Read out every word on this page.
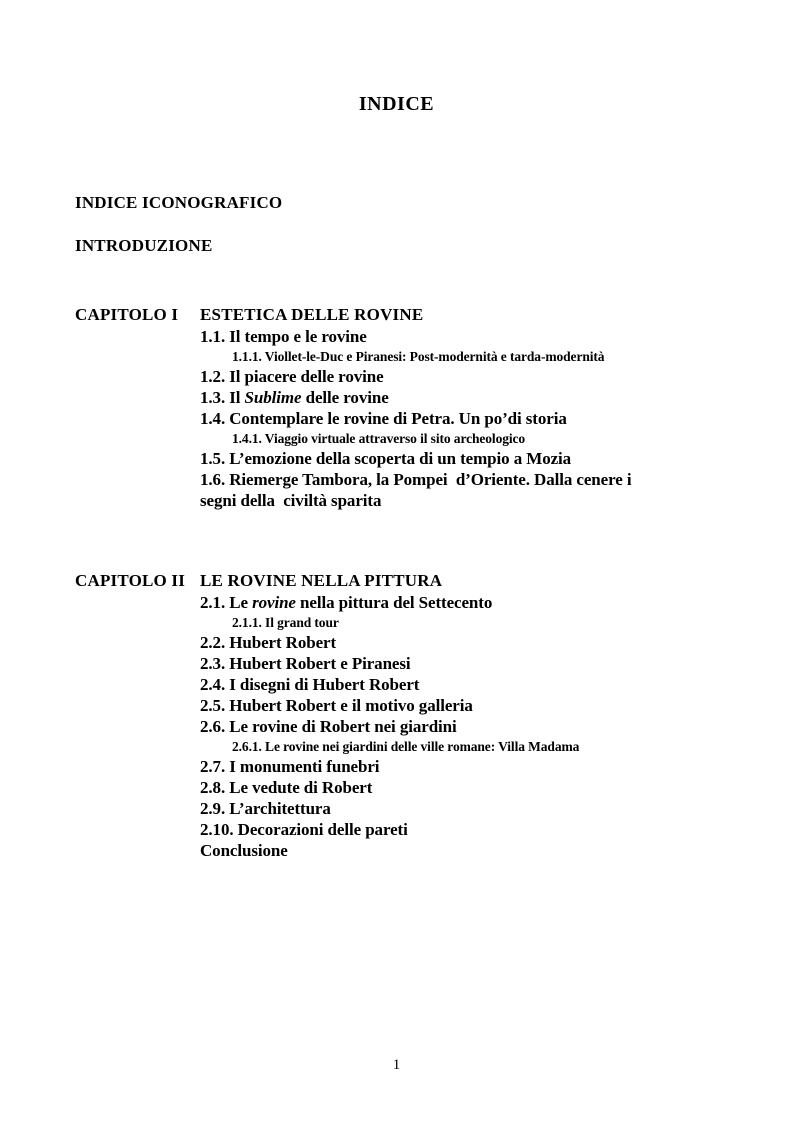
INDICE
INDICE ICONOGRAFICO
INTRODUZIONE
CAPITOLO I	ESTETICA DELLE ROVINE
1.1. Il tempo e le rovine
1.1.1. Viollet-le-Duc e Piranesi: Post-modernità e tarda-modernità
1.2. Il piacere delle rovine
1.3. Il Sublime delle rovine
1.4. Contemplare le rovine di Petra. Un po’di storia
1.4.1. Viaggio virtuale attraverso il sito archeologico
1.5. L’emozione della scoperta di un tempio a Mozia
1.6. Riemerge Tambora, la Pompei  d’Oriente. Dalla cenere i
segni della  civiltà sparita
CAPITOLO II LE ROVINE NELLA PITTURA
2.1. Le rovine nella pittura del Settecento
2.1.1. Il grand tour
2.2. Hubert Robert
2.3. Hubert Robert e Piranesi
2.4. I disegni di Hubert Robert
2.5. Hubert Robert e il motivo galleria
2.6. Le rovine di Robert nei giardini
2.6.1. Le rovine nei giardini delle ville romane: Villa Madama
2.7. I monumenti funebri
2.8. Le vedute di Robert
2.9. L’architettura
2.10. Decorazioni delle pareti
Conclusione
1
